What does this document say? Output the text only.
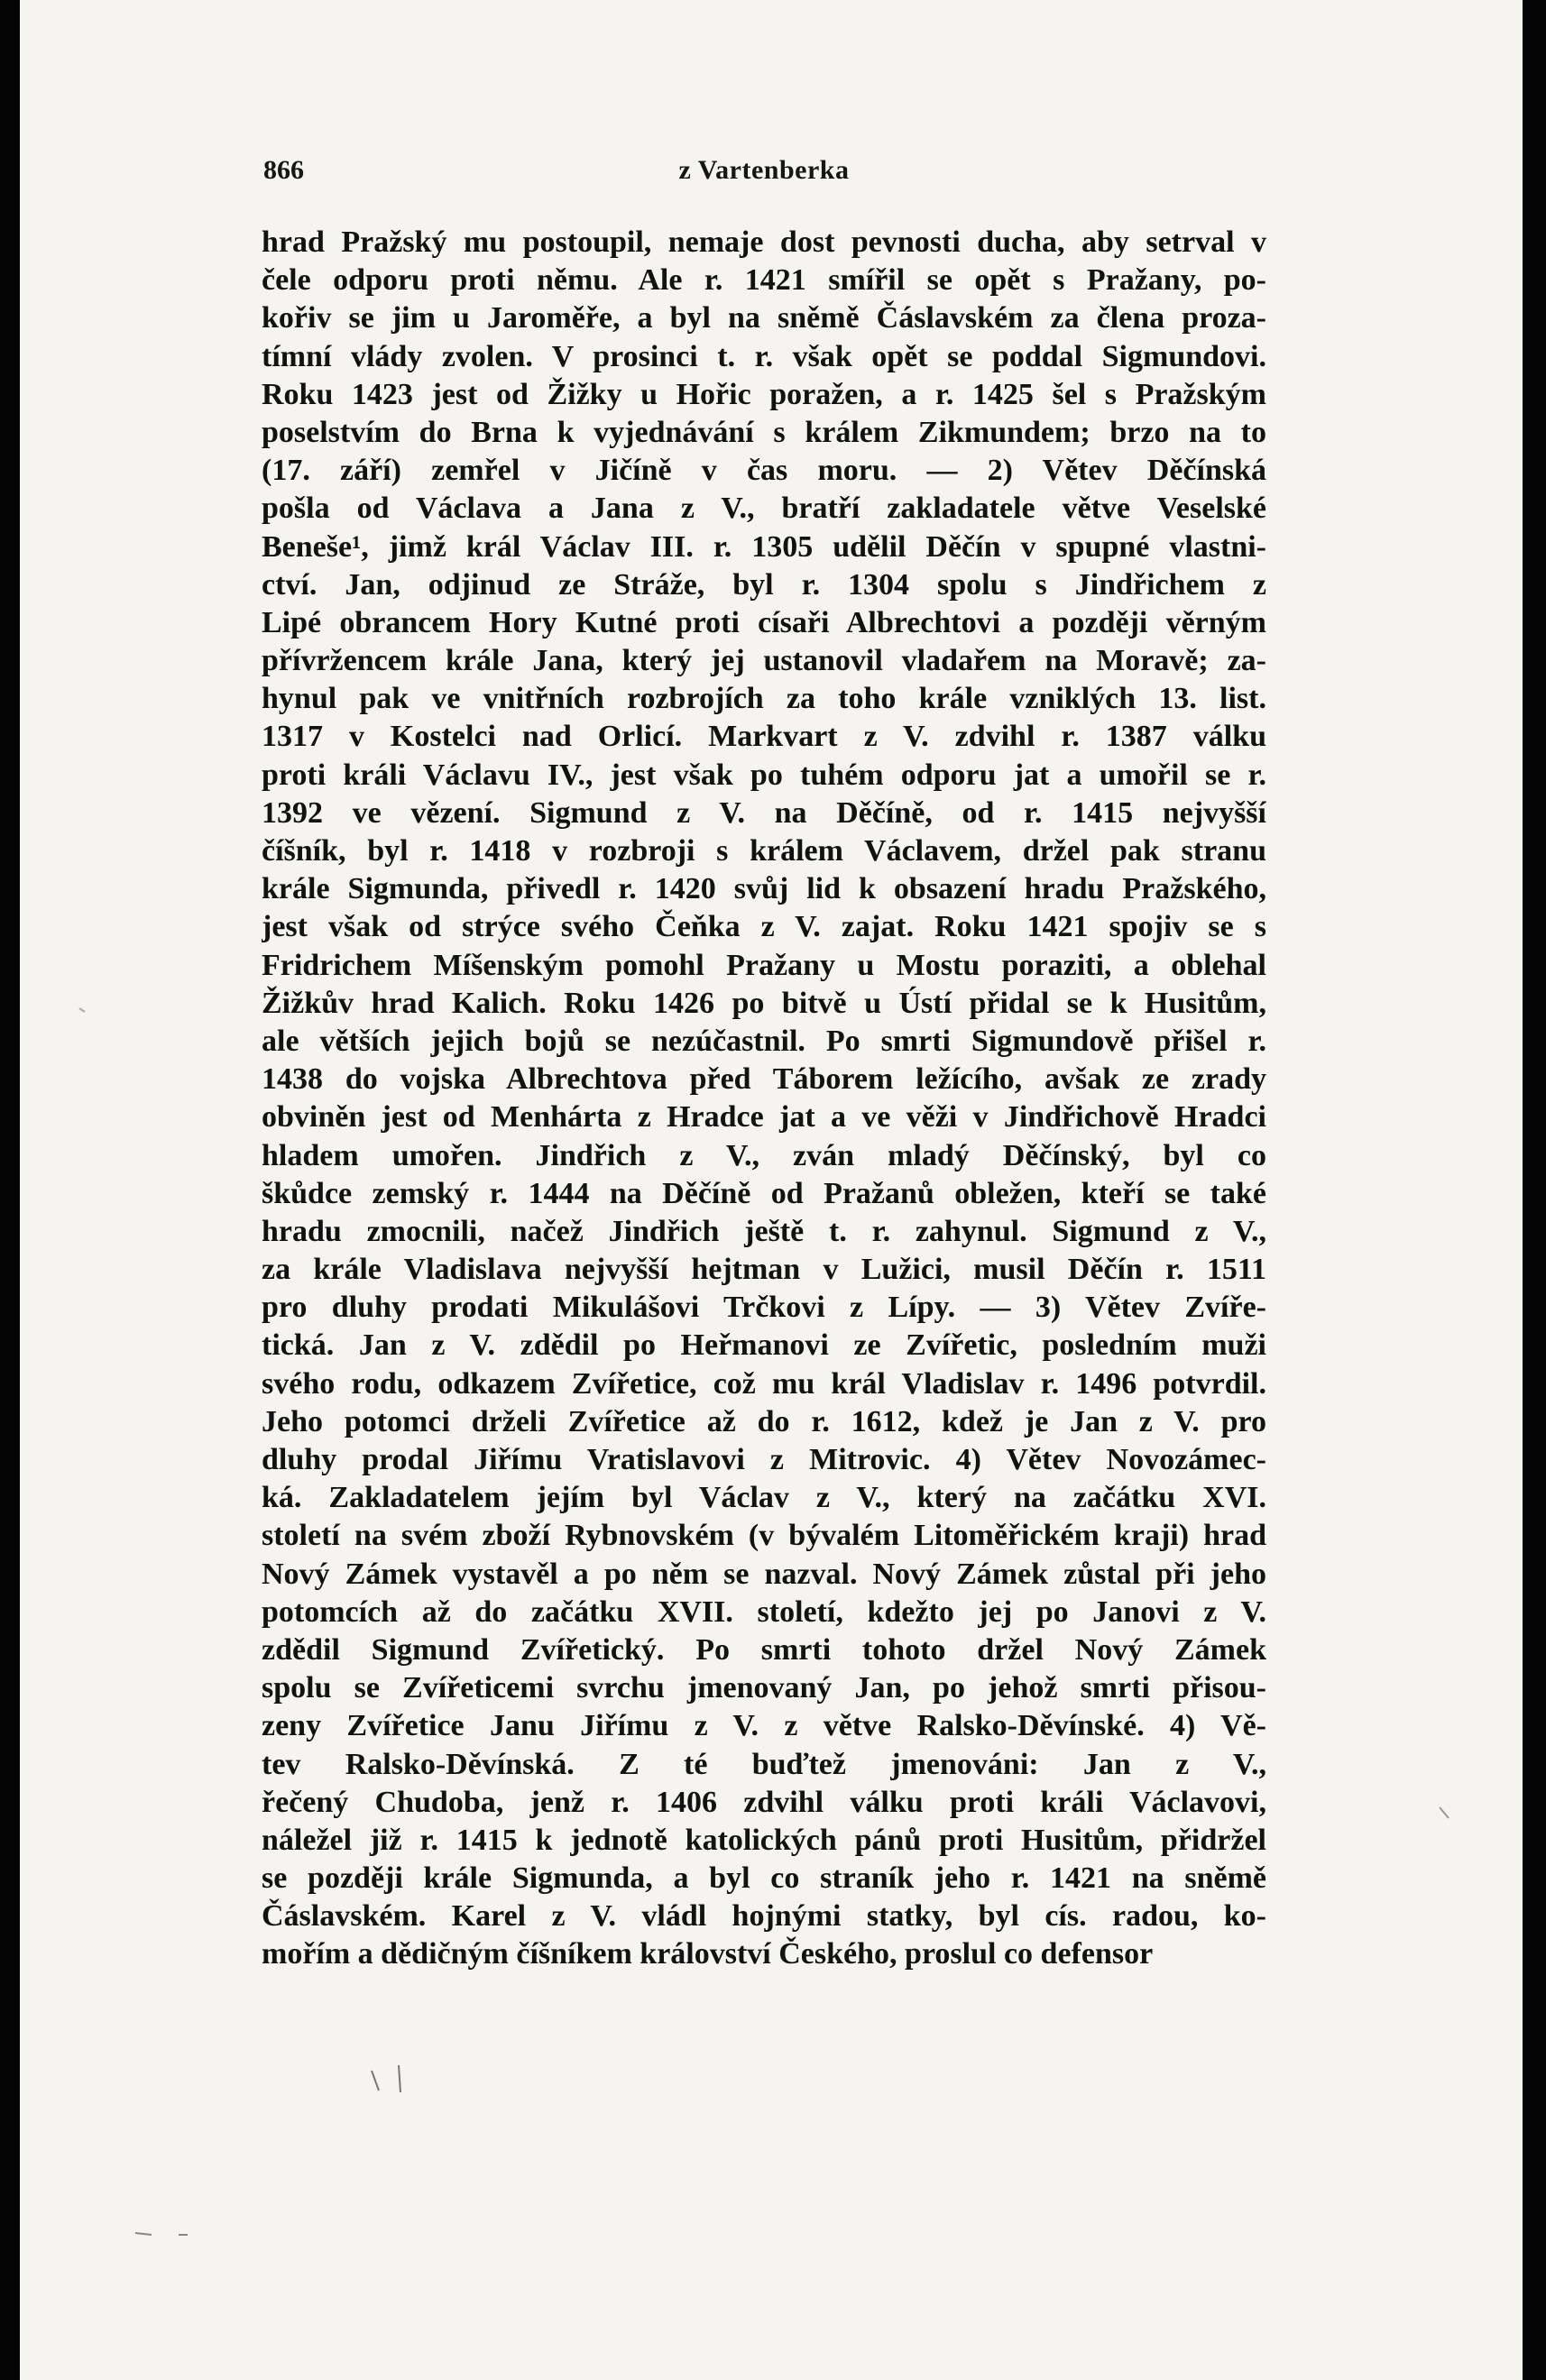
866	z Vartenberka
hrad Pražský mu postoupil, nemaje dost pevnosti ducha, aby setrval v
čele odporu proti němu. Ale r. 1421 smířil se opět s Pražany, po-
kořiv se jim u Jaroměře, a byl na sněmě Čáslavském za člena proza-
tímní vlády zvolen. V prosinci t. r. však opět se poddal Sigmundovi.
Roku 1423 jest od Žižky u Hořic poražen, a r. 1425 šel s Pražským
poselstvím do Brna k vyjednávání s králem Zikmundem; brzo na to
(17. září) zemřel v Jičíně v čas moru. — 2) Větev Děčínská
pošla od Václava a Jana z V., bratří zakladatele větve Veselské
Beneše¹, jimž král Václav III. r. 1305 udělil Děčín v spupné vlastni-
ctví. Jan, odjinud ze Stráže, byl r. 1304 spolu s Jindřichem z
Lipé obrancem Hory Kutné proti císaři Albrechtovi a později věrným
přívržencem krále Jana, který jej ustanovil vladařem na Moravě; za-
hynul pak ve vnitřních rozbrojích za toho krále vzniklých 13. list.
1317 v Kostelci nad Orlicí. Markvart z V. zdvihl r. 1387 válku
proti králi Václavu IV., jest však po tuhém odporu jat a umořil se r.
1392 ve vězení. Sigmund z V. na Děčíně, od r. 1415 nejvyšší
číšník, byl r. 1418 v rozbroji s králem Václavem, držel pak stranu
krále Sigmunda, přivedl r. 1420 svůj lid k obsazení hradu Pražského,
jest však od strýce svého Čeňka z V. zajat. Roku 1421 spojiv se s
Fridrichem Míšenským pomohl Pražany u Mostu poraziti, a oblehal
Žižkův hrad Kalich. Roku 1426 po bitvě u Ústí přidal se k Husitům,
ale větších jejich bojů se nezúčastnil. Po smrti Sigmundově přišel r.
1438 do vojska Albrechtova před Táborem ležícího, avšak ze zrady
obviněn jest od Menhárta z Hradce jat a ve věži v Jindřichově Hradci
hladem umořen. Jindřich z V., zván mladý Děčínský, byl co
škůdce zemský r. 1444 na Děčíně od Pražanů obležen, kteří se také
hradu zmocnili, načež Jindřich ještě t. r. zahynul. Sigmund z V.,
za krále Vladislava nejvyšší hejtman v Lužici, musil Děčín r. 1511
pro dluhy prodati Mikulášovi Trčkovi z Lípy. — 3) Větev Zvíře-
tická. Jan z V. zdědil po Heřmanovi ze Zvířetic, posledním muži
svého rodu, odkazem Zvířetice, což mu král Vladislav r. 1496 potvrdil.
Jeho potomci drželi Zvířetice až do r. 1612, kdež je Jan z V. pro
dluhy prodal Jiřímu Vratislavovi z Mitrovic. 4) Větev Novozámec-
ká. Zakladatelem jejím byl Václav z V., který na začátku XVI.
století na svém zboží Rybnovském (v bývalém Litoměřickém kraji) hrad
Nový Zámek vystavěl a po něm se nazval. Nový Zámek zůstal při jeho
potomcích až do začátku XVII. století, kdežto jej po Janovi z V.
zdědil Sigmund Zvířetický. Po smrti tohoto držel Nový Zámek
spolu se Zvířeticemi svrchu jmenovaný Jan, po jehož smrti přisou-
zeny Zvířetice Janu Jiřímu z V. z větve Ralsko-Děvínské. 4) Vě-
tev Ralsko-Děvínská. Z té buďtež jmenováni: Jan z V.,
řečený Chudoba, jenž r. 1406 zdvihl válku proti králi Václavovi,
náležel již r. 1415 k jednotě katolických pánů proti Husitům, přidržel
se později krále Sigmunda, a byl co straník jeho r. 1421 na sněmě
Čáslavském. Karel z V. vládl hojnými statky, byl cís. radou, ko-
mořím a dědičným číšníkem království Českého, proslul co defensor
